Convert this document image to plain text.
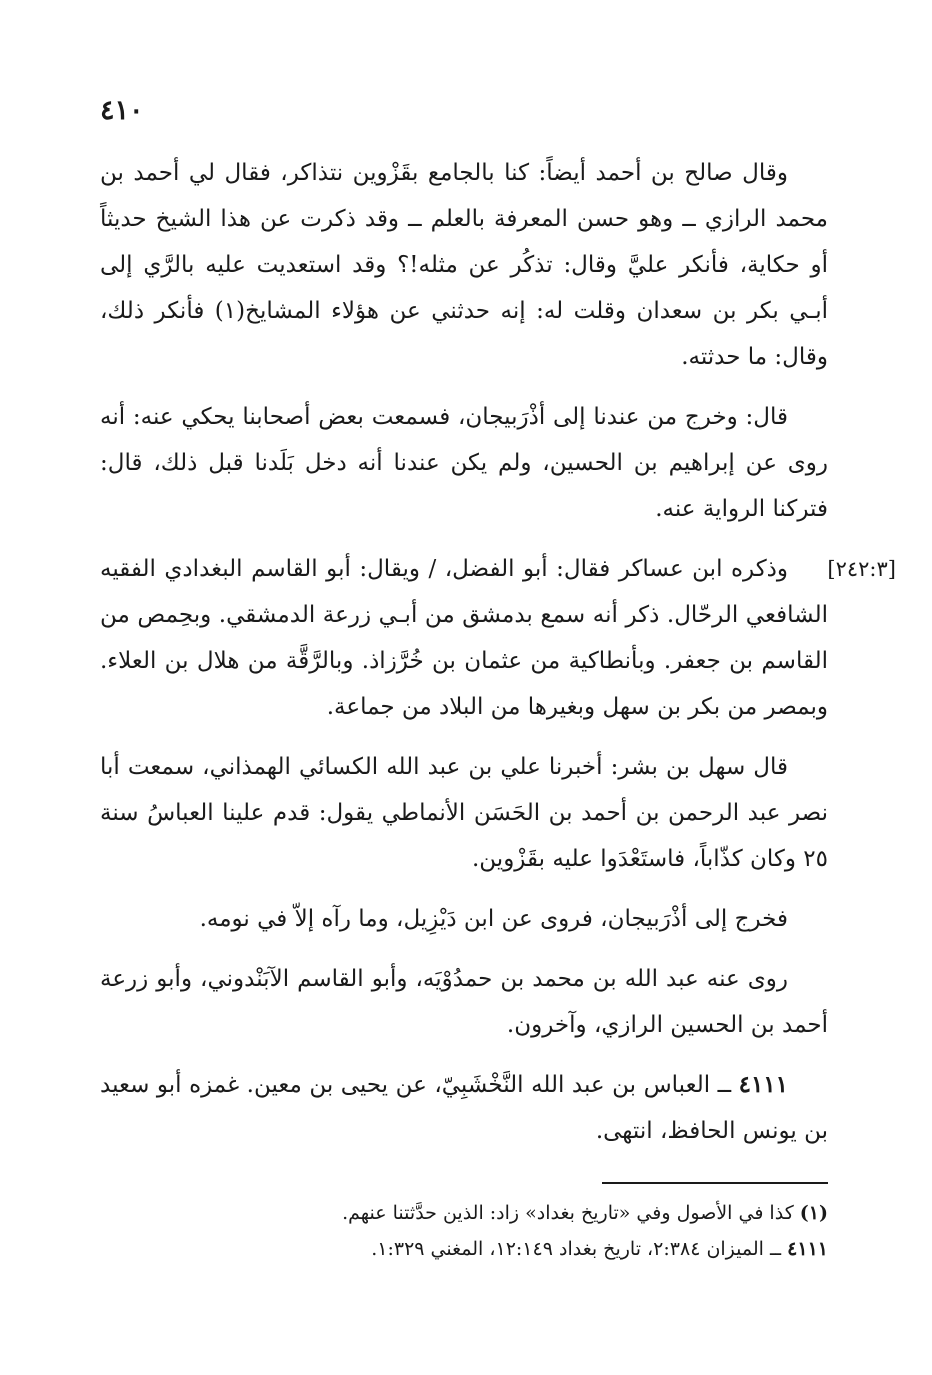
٤١٠

وقال صالح بن أحمد أيضاً: كنا بالجامع بقَزْوين نتذاكر، فقال لي أحمد بن محمد الرازي ــ وهو حسن المعرفة بالعلم ــ وقد ذكرت عن هذا الشيخ حديثاً أو حكاية، فأنكر عليَّ وقال: تذكُر عن مثله!؟ وقد استعديت عليه بالرَّي إلى أبـي بكر بن سعدان وقلت له: إنه حدثني عن هؤلاء المشايخ(١) فأنكر ذلك، وقال: ما حدثته.

قال: وخرج من عندنا إلى أذْرَبيجان، فسمعت بعض أصحابنا يحكي عنه: أنه روى عن إبراهيم بن الحسين، ولم يكن عندنا أنه دخل بَلَدنا قبل ذلك، قال: فتركنا الرواية عنه.

[٢٤٢:٣]
وذكره ابن عساكر فقال: أبو الفضل، / ويقال: أبو القاسم البغدادي الفقيه الشافعي الرحّال. ذكر أنه سمع بدمشق من أبـي زرعة الدمشقي. وبحِمص من القاسم بن جعفر. وبأنطاكية من عثمان بن خُرَّزاذ. وبالرَّقَّة من هلال بن العلاء. وبمصر من بكر بن سهل وبغيرها من البلاد من جماعة.

قال سهل بن بشر: أخبرنا علي بن عبد الله الكسائي الهمذاني، سمعت أبا نصر عبد الرحمن بن أحمد بن الحَسَن الأنماطي يقول: قدم علينا العباسُ سنة ٢٥ وكان كذّاباً، فاستَعْدَوا عليه بقَزْوين.

فخرج إلى أذْرَبيجان، فروى عن ابن دَيْزِيل، وما رآه إلاّ في نومه.

روى عنه عبد الله بن محمد بن حمدُوْيَه، وأبو القاسم الآبَنْدوني، وأبو زرعة أحمد بن الحسين الرازي، وآخرون.

٤١١١ ــ العباس بن عبد الله النَّخْشَبِيّ، عن يحيى بن معين. غمزه أبو سعيد بن يونس الحافظ، انتهى.

(١) كذا في الأصول وفي «تاريخ بغداد» زاد: الذين حدَّثتنا عنهم.

٤١١١ ــ الميزان ٢:٣٨٤، تاريخ بغداد ١٢:١٤٩، المغني ١:٣٢٩.
